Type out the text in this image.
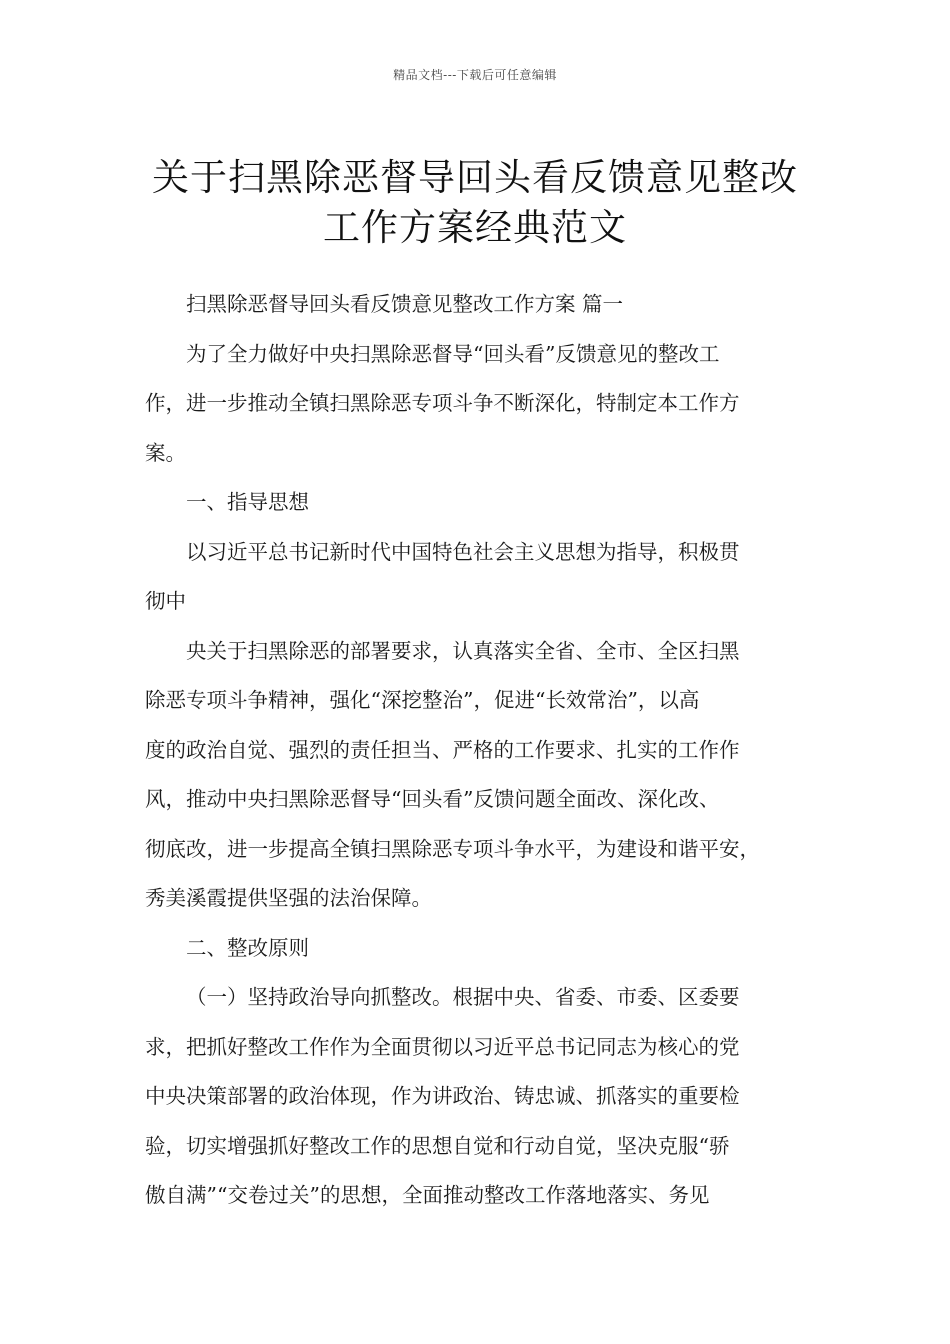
精品文档---下载后可任意编辑
关于扫黑除恶督导回头看反馈意见整改
工作方案经典范文
扫黑除恶督导回头看反馈意见整改工作方案 篇一
为了全力做好中央扫黑除恶督导“回头看”反馈意见的整改工
作，进一步推动全镇扫黑除恶专项斗争不断深化，特制定本工作方
案。
一、指导思想
以习近平总书记新时代中国特色社会主义思想为指导，积极贯
彻中
央关于扫黑除恶的部署要求，认真落实全省、全市、全区扫黑
除恶专项斗争精神，强化“深挖整治”，促进“长效常治”，以高
度的政治自觉、强烈的责任担当、严格的工作要求、扎实的工作作
风，推动中央扫黑除恶督导“回头看”反馈问题全面改、深化改、
彻底改，进一步提高全镇扫黑除恶专项斗争水平，为建设和谐平安，
秀美溪霞提供坚强的法治保障。
二、整改原则
（一）坚持政治导向抓整改。根据中央、省委、市委、区委要
求，把抓好整改工作作为全面贯彻以习近平总书记同志为核心的党
中央决策部署的政治体现，作为讲政治、铸忠诚、抓落实的重要检
验，切实增强抓好整改工作的思想自觉和行动自觉，坚决克服“骄
傲自满”“交卷过关”的思想，全面推动整改工作落地落实、务见
